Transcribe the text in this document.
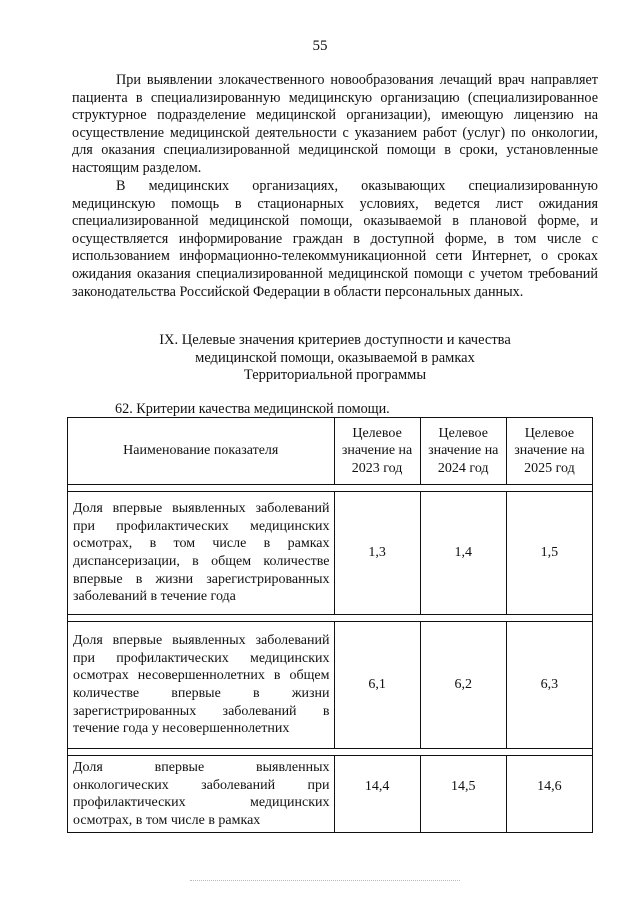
55

При выявлении злокачественного новообразования лечащий врач направляет пациента в специализированную медицинскую организацию (специализированное структурное подразделение медицинской организации), имеющую лицензию на осуществление медицинской деятельности с указанием работ (услуг) по онкологии, для оказания специализированной медицинской помощи в сроки, установленные настоящим разделом.

В медицинских организациях, оказывающих специализированную медицинскую помощь в стационарных условиях, ведется лист ожидания специализированной медицинской помощи, оказываемой в плановой форме, и осуществляется информирование граждан в доступной форме, в том числе с использованием информационно-телекоммуникационной сети Интернет, о сроках ожидания оказания специализированной медицинской помощи с учетом требований законодательства Российской Федерации в области персональных данных.

IX. Целевые значения критериев доступности и качества
медицинской помощи, оказываемой в рамках
Территориальной программы
62. Критерии качества медицинской помощи.
Наименование показателя	Целевое значение на 2023 год	Целевое значение на 2024 год	Целевое значение на 2025 год

Доля впервые выявленных заболеваний при профилактических медицинских осмотрах, в том числе в рамках диспансеризации, в общем количестве впервые в жизни зарегистрированных заболеваний в течение года	1,3	1,4	1,5

Доля впервые выявленных заболеваний при профилактических медицинских осмотрах несовершеннолетних в общем количестве впервые в жизни зарегистрированных заболеваний в течение года у несовершеннолетних	6,1	6,2	6,3

Доля впервые выявленных онкологических заболеваний при профилактических медицинских осмотрах, в том числе в рамках	14,4	14,5	14,6
